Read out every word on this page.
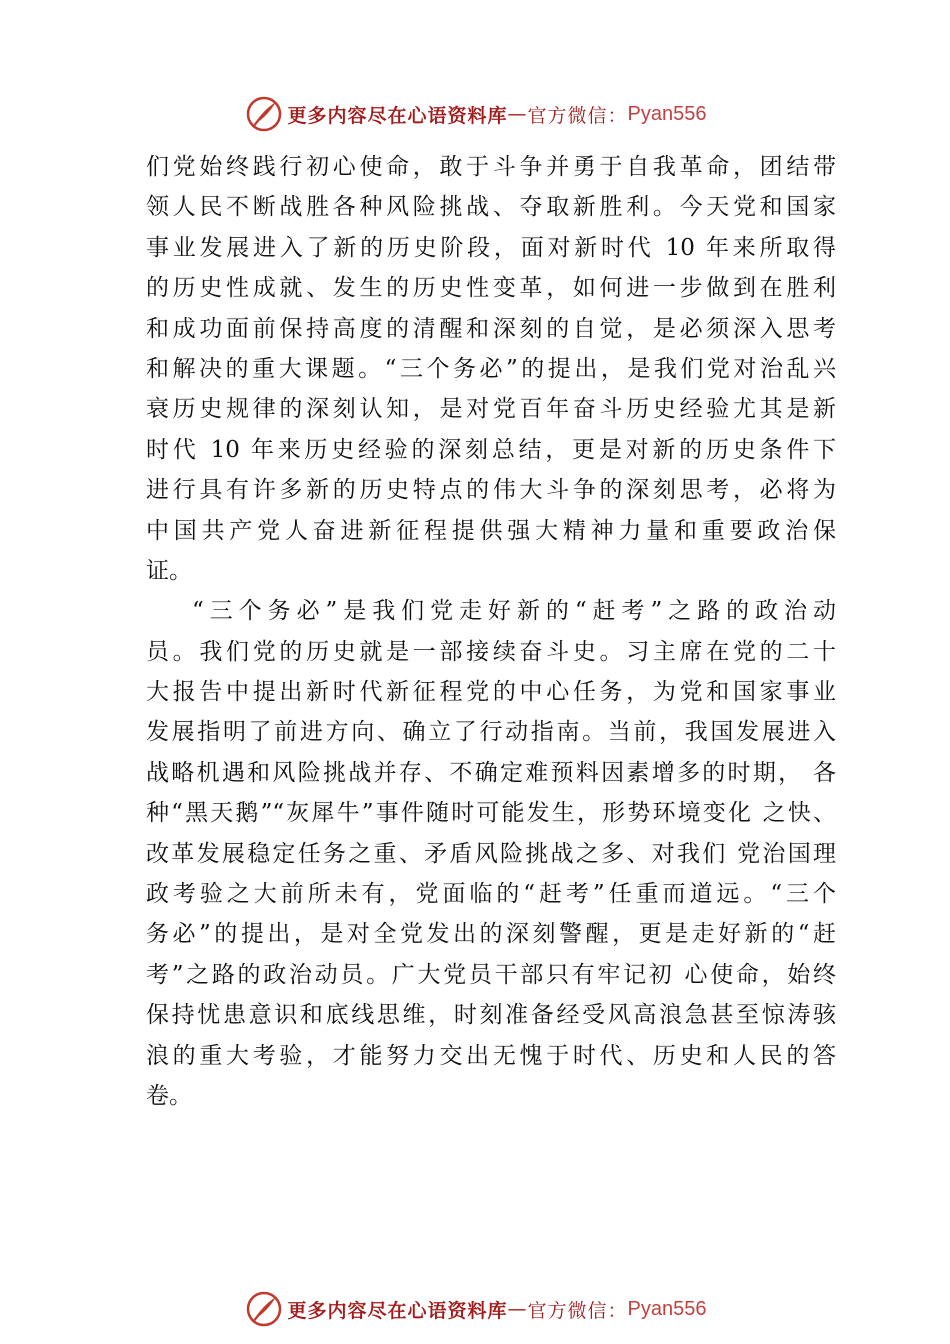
更多内容尽在心语资料库 — 官方微信： Pyan556
们党始终践行初心使命，敢于斗争并勇于自我革命，团结带
领人民不断战胜各种风险挑战、夺取新胜利。今天党和国家
事业发展进入了新的历史阶段，面对新时代 10 年来所取得
的历史性成就、发生的历史性变革，如何进一步做到在胜利
和成功面前保持高度的清醒和深刻的自觉，是必须深入思考
和解决的重大课题。“三个务必”的提出，是我们党对治乱兴
衰历史规律的深刻认知，是对党百年奋斗历史经验尤其是新
时代 10 年来历史经验的深刻总结，更是对新的历史条件下
进行具有许多新的历史特点的伟大斗争的深刻思考，必将为
中国共产党人奋进新征程提供强大精神力量和重要政治保
证。
“三个务必”是我们党走好新的“赶考”之路的政治动
员。我们党的历史就是一部接续奋斗史。习主席在党的二十
大报告中提出新时代新征程党的中心任务，为党和国家事业
发展指明了前进方向、确立了行动指南。当前，我国发展进入
战略机遇和风险挑战并存、不确定难预料因素增多的时期， 各
种“黑天鹅”“灰犀牛”事件随时可能发生，形势环境变化 之快、
改革发展稳定任务之重、矛盾风险挑战之多、对我们 党治国理
政考验之大前所未有，党面临的“赶考”任重而道远。“三个
务必”的提出，是对全党发出的深刻警醒，更是走好新的“赶
考”之路的政治动员。广大党员干部只有牢记初 心使命，始终
保持忧患意识和底线思维，时刻准备经受风高浪急甚至惊涛骇
浪的重大考验，才能努力交出无愧于时代、历史和人民的答
卷。
更多内容尽在心语资料库 — 官方微信： Pyan556
